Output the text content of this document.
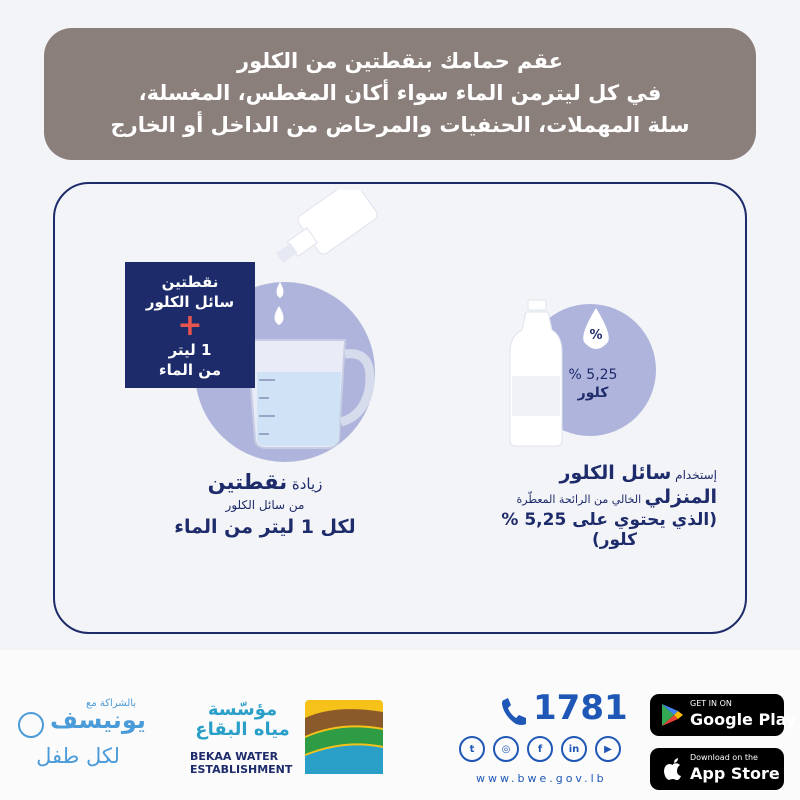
عقم حمامك بنقطتين من الكلور
في كل ليترمن الماء سواء أكان المغطس، المغسلة،
سلة المهملات، الحنفيات والمرحاض من الداخل أو الخارج
نقطتين
سائل الكلور
+
1 ليتر
من الماء
زيادة نقطتين
من سائل الكلور
لكل 1 ليتر من الماء
%
% 5,25
كلور
إستخدام سائل الكلور
المنزلي الخالي من الرائحة المعطّرة
(الذي يحتوي على 5,25 %
كلور)
بالشراكة مع
يونيسف
لكل طفل
مؤسّسة
مياه البقاع
BEKAA WATER
ESTABLISHMENT
1781
t	◎	f	in	▶
www.bwe.gov.lb
GET IN ON
Google Play
Download on the
App Store
